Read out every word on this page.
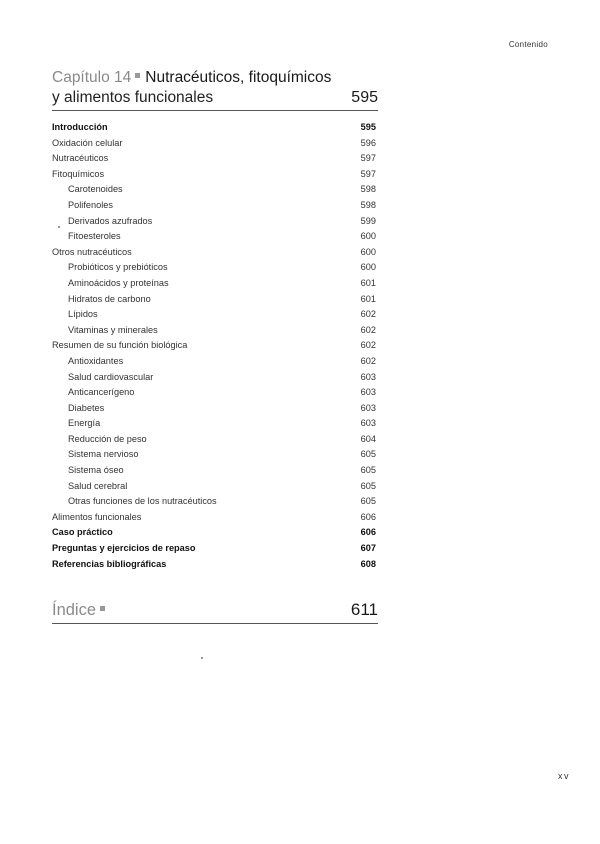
Contenido
Capítulo 14 Nutracéuticos, fitoquímicos
y alimentos funcionales	595
Introducción	595
Oxidación celular	596
Nutracéuticos	597
Fitoquímicos	597
Carotenoides	598
Polifenoles	598
Derivados azufrados	599
Fitoesteroles	600
Otros nutracéuticos	600
Probióticos y prebióticos	600
Aminoácidos y proteínas	601
Hidratos de carbono	601
Lípidos	602
Vitaminas y minerales	602
Resumen de su función biológica	602
Antioxidantes	602
Salud cardiovascular	603
Anticancerígeno	603
Diabetes	603
Energía	603
Reducción de peso	604
Sistema nervioso	605
Sistema óseo	605
Salud cerebral	605
Otras funciones de los nutracéuticos	605
Alimentos funcionales	606
Caso práctico	606
Preguntas y ejercicios de repaso	607
Referencias bibliográficas	608
Índice	611
xv
